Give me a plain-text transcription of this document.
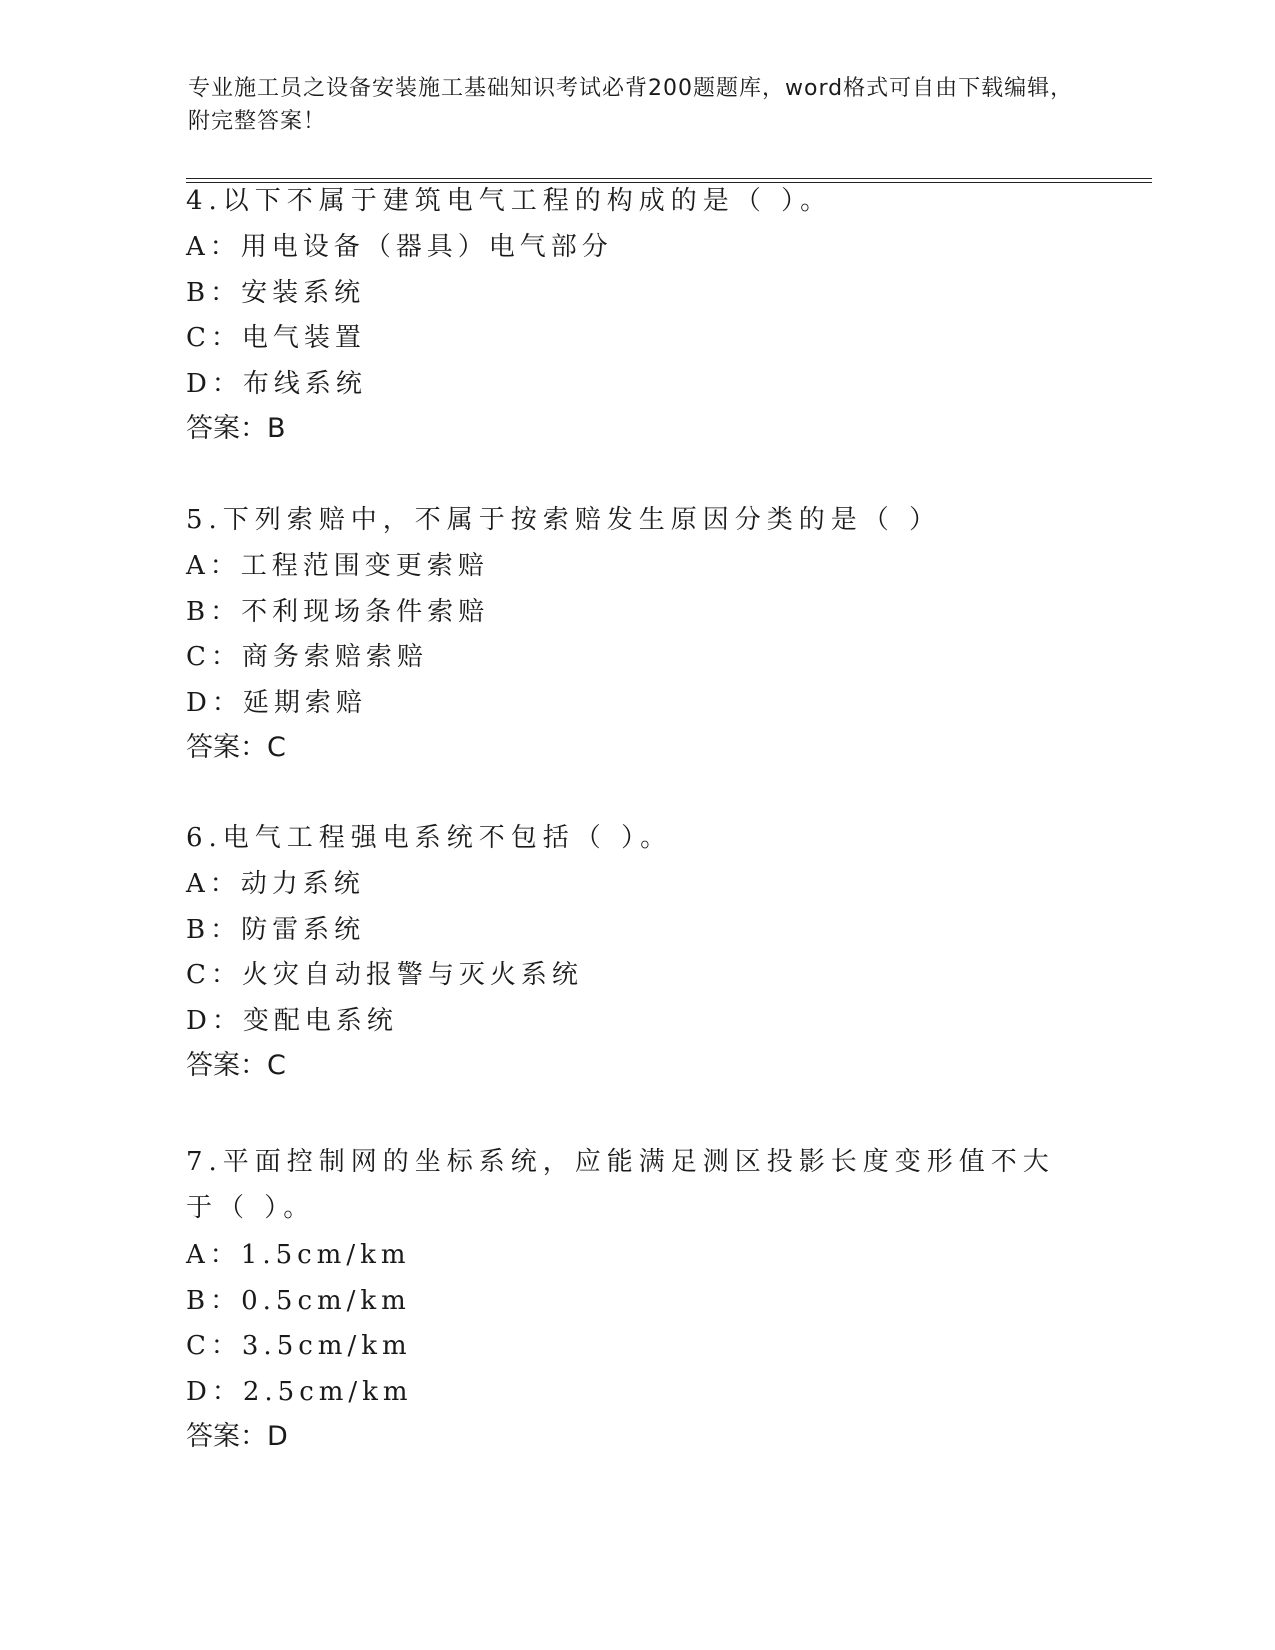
专业施工员之设备安装施工基础知识考试必背200题题库，word格式可自由下载编辑，附完整答案！
4.以下不属于建筑电气工程的构成的是（ ）。
A：用电设备（器具）电气部分
B：安装系统
C：电气装置
D：布线系统
答案：B
5.下列索赔中，不属于按索赔发生原因分类的是（ ）
A：工程范围变更索赔
B：不利现场条件索赔
C：商务索赔索赔
D：延期索赔
答案：C
6.电气工程强电系统不包括（ ）。
A：动力系统
B：防雷系统
C：火灾自动报警与灭火系统
D：变配电系统
答案：C
7.平面控制网的坐标系统，应能满足测区投影长度变形值不大于（ ）。
A：1.5cm/km
B：0.5cm/km
C：3.5cm/km
D：2.5cm/km
答案：D
